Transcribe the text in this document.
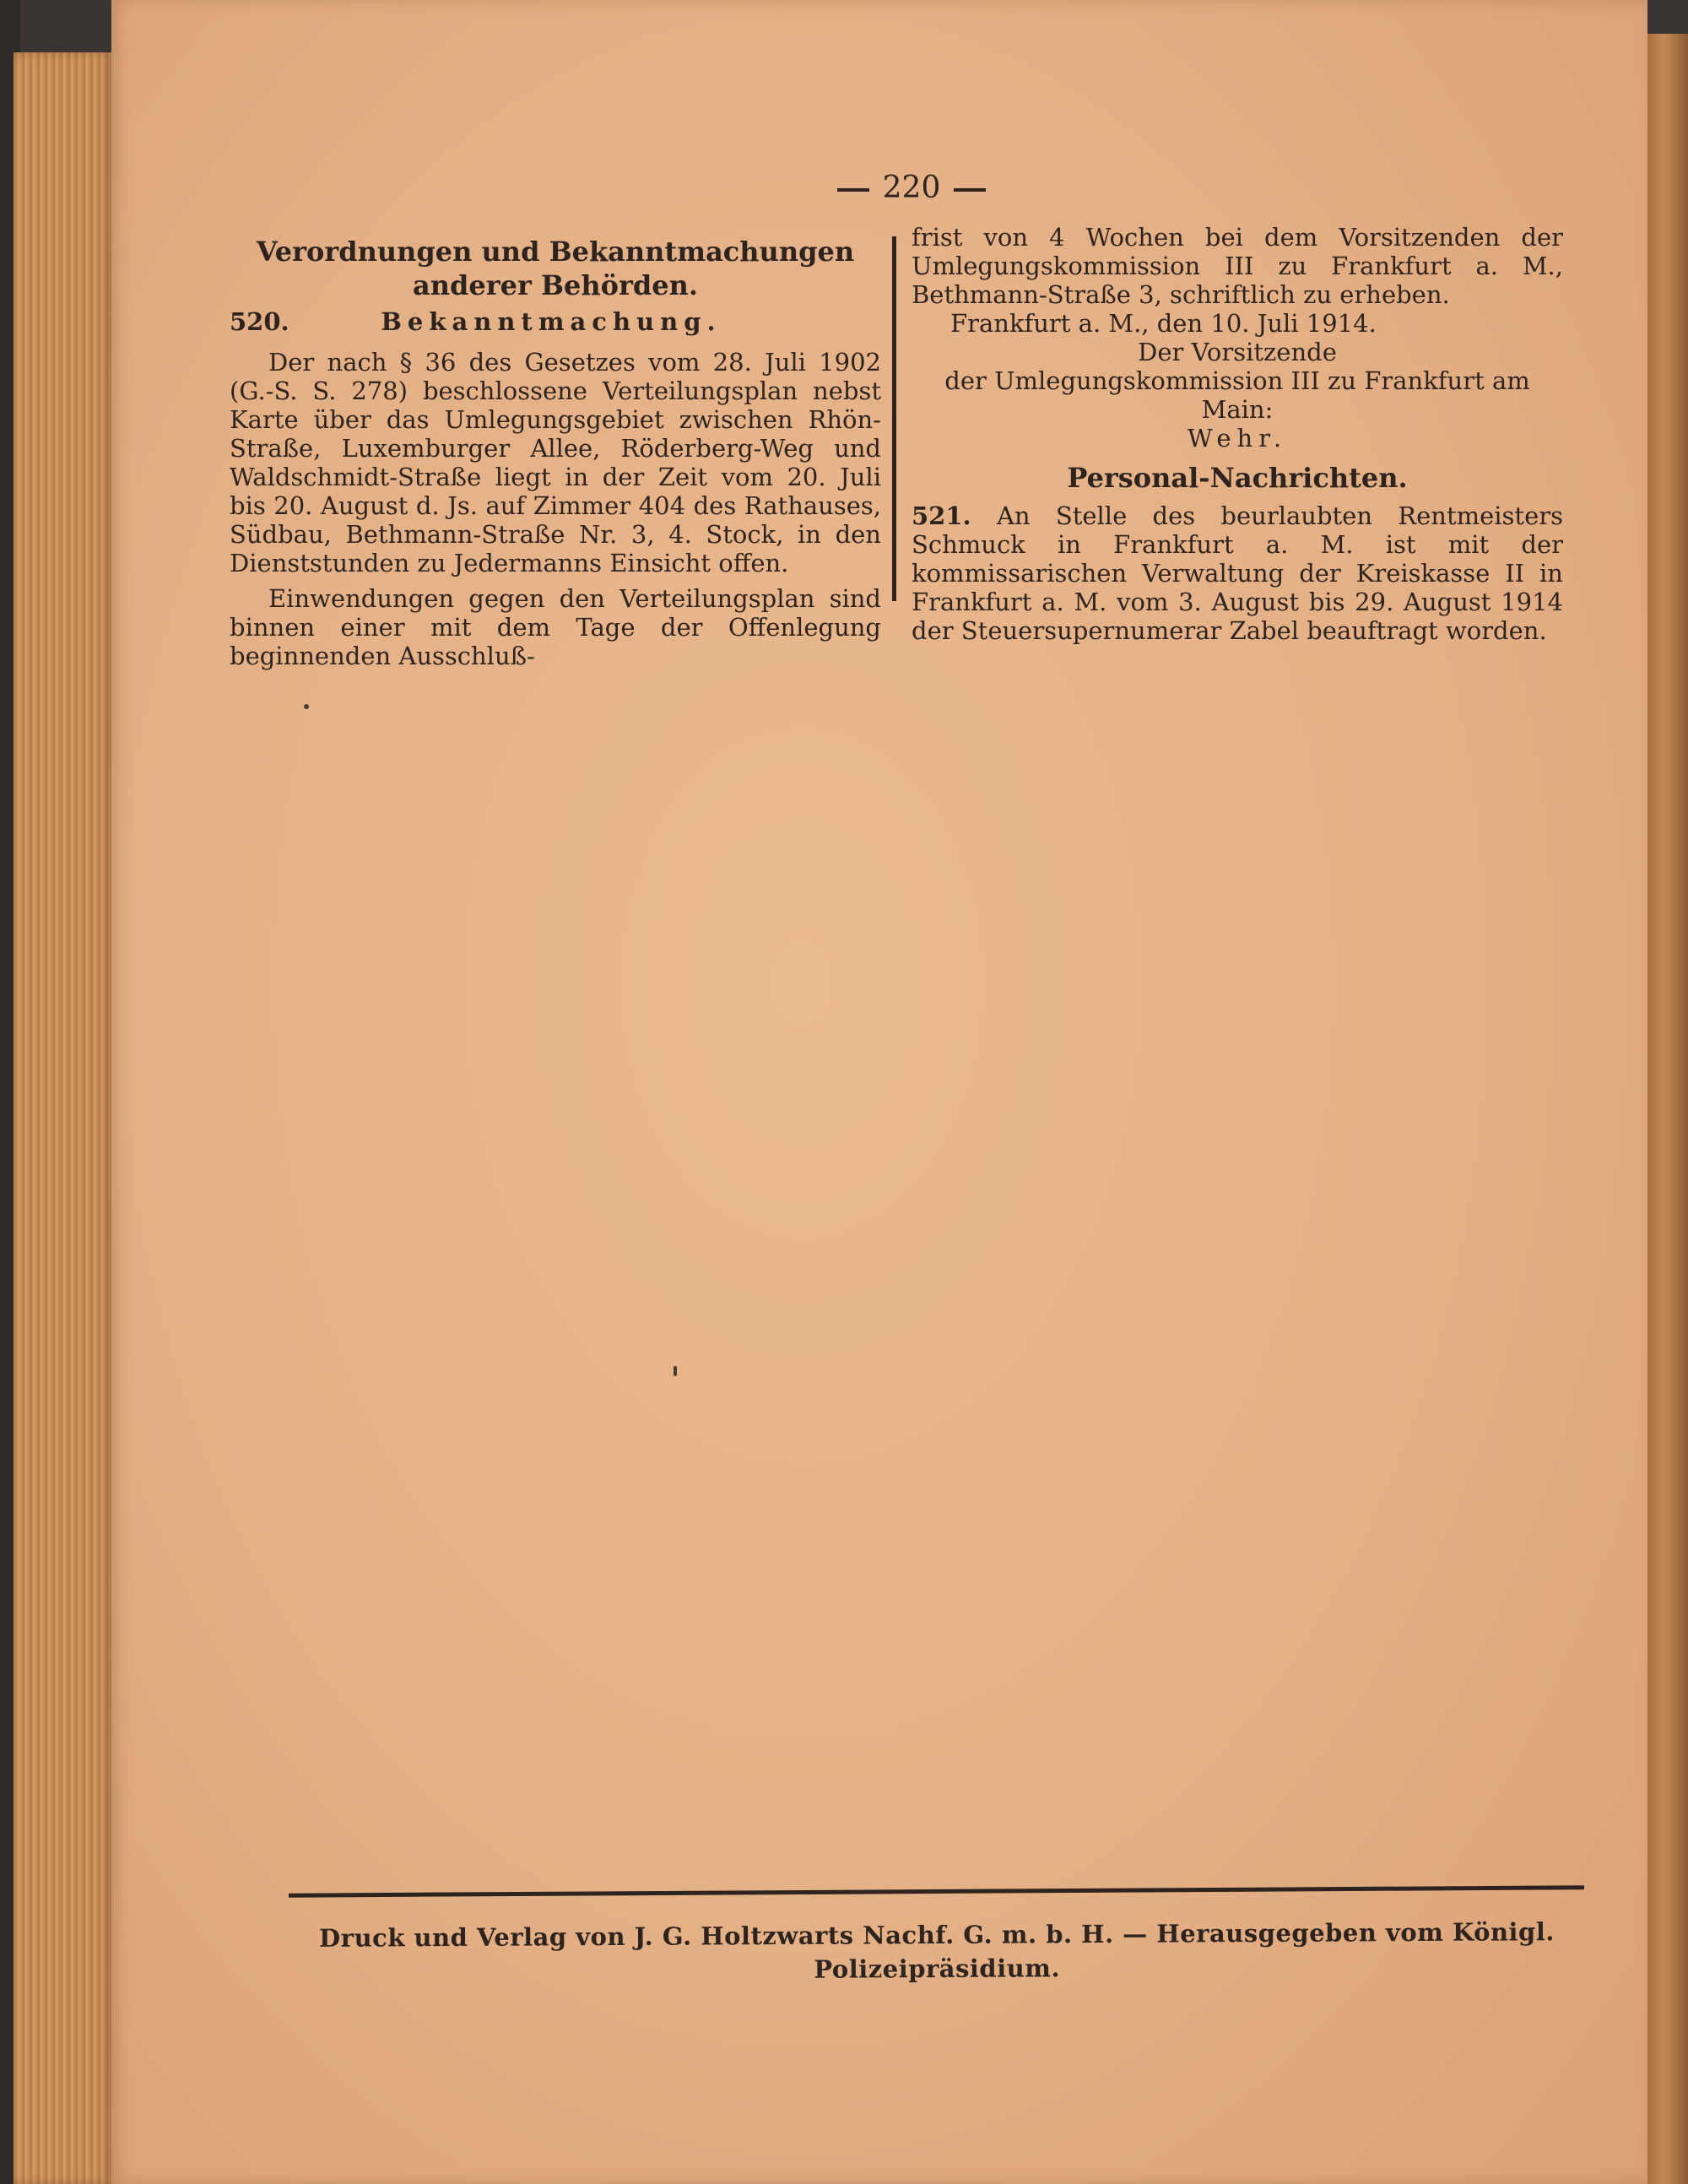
220

Verordnungen und Bekanntmachungen anderer Behörden.

520.	Bekanntmachung.

Der nach § 36 des Gesetzes vom 28. Juli 1902 (G.-S. S. 278) beschlossene Verteilungsplan nebst Karte über das Umlegungsgebiet zwischen Rhön-Straße, Luxemburger Allee, Röderberg-Weg und Waldschmidt-Straße liegt in der Zeit vom 20. Juli bis 20. August d. Js. auf Zimmer 404 des Rathauses, Südbau, Bethmann-Straße Nr. 3, 4. Stock, in den Dienststunden zu Jedermanns Einsicht offen.

Einwendungen gegen den Verteilungsplan sind binnen einer mit dem Tage der Offenlegung beginnenden Ausschluß-

frist von 4 Wochen bei dem Vorsitzenden der Umlegungskommission III zu Frankfurt a. M., Bethmann-Straße 3, schriftlich zu erheben.

Frankfurt a. M., den 10. Juli 1914.

Der Vorsitzende

der Umlegungskommission III zu Frankfurt am Main:

Wehr.

Personal-Nachrichten.

521. An Stelle des beurlaubten Rentmeisters Schmuck in Frankfurt a. M. ist mit der kommissarischen Verwaltung der Kreiskasse II in Frankfurt a. M. vom 3. August bis 29. August 1914 der Steuersupernumerar Zabel beauftragt worden.

Druck und Verlag von J. G. Holtzwarts Nachf. G. m. b. H. — Herausgegeben vom Königl. Polizeipräsidium.
